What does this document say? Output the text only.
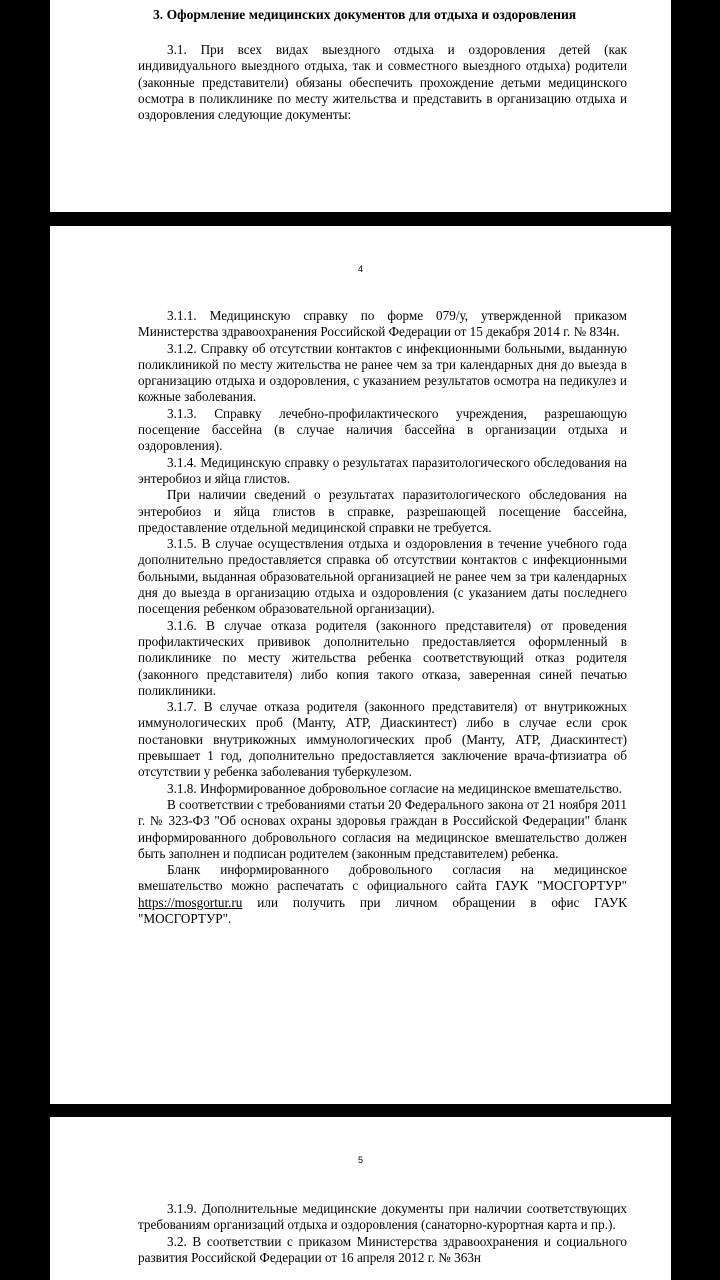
3. Оформление медицинских документов для отдыха и оздоровления

3.1. При всех видах выездного отдыха и оздоровления детей (как индивидуального выездного отдыха, так и совместного выездного отдыха) родители (законные представители) обязаны обеспечить прохождение детьми медицинского осмотра в поликлинике по месту жительства и представить в организацию отдыха и оздоровления следующие документы:

4

3.1.1. Медицинскую справку по форме 079/у, утвержденной приказом Министерства здравоохранения Российской Федерации от 15 декабря 2014 г. № 834н.

3.1.2. Справку об отсутствии контактов с инфекционными больными, выданную поликлиникой по месту жительства не ранее чем за три календарных дня до выезда в организацию отдыха и оздоровления, с указанием результатов осмотра на педикулез и кожные заболевания.

3.1.3. Справку лечебно-профилактического учреждения, разрешающую посещение бассейна (в случае наличия бассейна в организации отдыха и оздоровления).

3.1.4. Медицинскую справку о результатах паразитологического обследования на энтеробиоз и яйца глистов.

При наличии сведений о результатах паразитологического обследования на энтеробиоз и яйца глистов в справке, разрешающей посещение бассейна, предоставление отдельной медицинской справки не требуется.

3.1.5. В случае осуществления отдыха и оздоровления в течение учебного года дополнительно предоставляется справка об отсутствии контактов с инфекционными больными, выданная образовательной организацией не ранее чем за три календарных дня до выезда в организацию отдыха и оздоровления (с указанием даты последнего посещения ребенком образовательной организации).

3.1.6. В случае отказа родителя (законного представителя) от проведения профилактических прививок дополнительно предоставляется оформленный в поликлинике по месту жительства ребенка соответствующий отказ родителя (законного представителя) либо копия такого отказа, заверенная синей печатью поликлиники.

3.1.7. В случае отказа родителя (законного представителя) от внутрикожных иммунологических проб (Манту, АТР, Диаскинтест) либо в случае если срок постановки внутрикожных иммунологических проб (Манту, АТР, Диаскинтест) превышает 1 год, дополнительно предоставляется заключение врача-фтизиатра об отсутствии у ребенка заболевания туберкулезом.

3.1.8. Информированное добровольное согласие на медицинское вмешательство.

В соответствии с требованиями статьи 20 Федерального закона от 21 ноября 2011 г. № 323-ФЗ "Об основах охраны здоровья граждан в Российской Федерации" бланк информированного добровольного согласия на медицинское вмешательство должен быть заполнен и подписан родителем (законным представителем) ребенка.

Бланк информированного добровольного согласия на медицинское вмешательство можно распечатать с официального сайта ГАУК "МОСГОРТУР" https://mosgortur.ru или получить при личном обращении в офис ГАУК "МОСГОРТУР".

5

3.1.9. Дополнительные медицинские документы при наличии соответствующих требованиям организаций отдыха и оздоровления (санаторно-курортная карта и пр.).

3.2. В соответствии с приказом Министерства здравоохранения и социального развития Российской Федерации от 16 апреля 2012 г. № 363н
